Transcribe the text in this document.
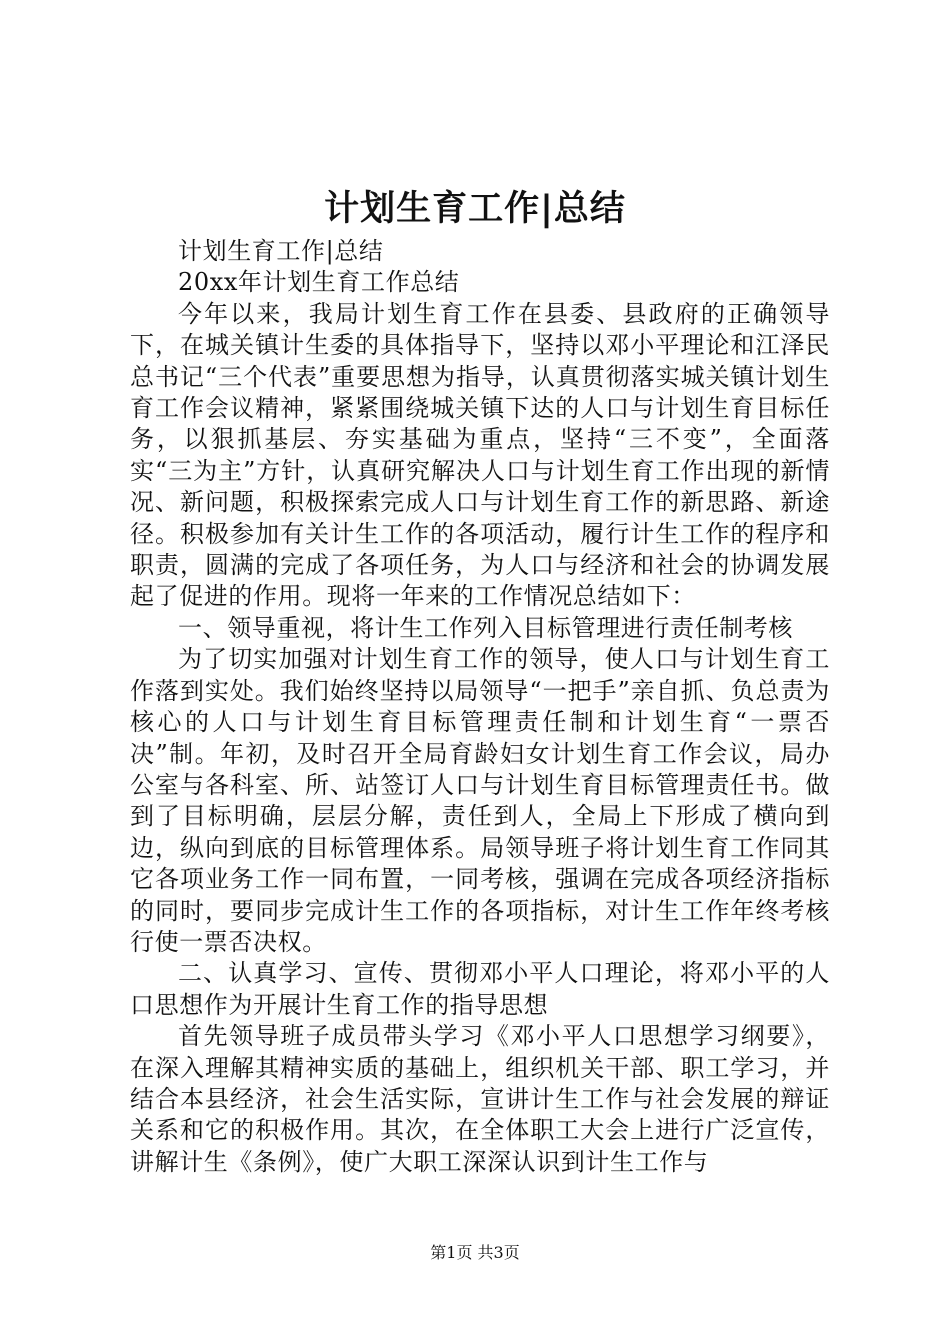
计划生育工作|总结

计划生育工作|总结

20xx年计划生育工作总结

今年以来，我局计划生育工作在县委、县政府的正确领导下，在城关镇计生委的具体指导下，坚持以邓小平理论和江泽民总书记“三个代表”重要思想为指导，认真贯彻落实城关镇计划生育工作会议精神，紧紧围绕城关镇下达的人口与计划生育目标任务，以狠抓基层、夯实基础为重点，坚持“三不变”，全面落实“三为主”方针，认真研究解决人口与计划生育工作出现的新情况、新问题，积极探索完成人口与计划生育工作的新思路、新途径。积极参加有关计生工作的各项活动，履行计生工作的程序和职责，圆满的完成了各项任务，为人口与经济和社会的协调发展起了促进的作用。现将一年来的工作情况总结如下：

一、领导重视，将计生工作列入目标管理进行责任制考核

为了切实加强对计划生育工作的领导，使人口与计划生育工作落到实处。我们始终坚持以局领导“一把手”亲自抓、负总责为核心的人口与计划生育目标管理责任制和计划生育“一票否决”制。年初，及时召开全局育龄妇女计划生育工作会议，局办公室与各科室、所、站签订人口与计划生育目标管理责任书。做到了目标明确，层层分解，责任到人，全局上下形成了横向到边，纵向到底的目标管理体系。局领导班子将计划生育工作同其它各项业务工作一同布置，一同考核，强调在完成各项经济指标的同时，要同步完成计生工作的各项指标，对计生工作年终考核行使一票否决权。

二、认真学习、宣传、贯彻邓小平人口理论，将邓小平的人口思想作为开展计生育工作的指导思想

首先领导班子成员带头学习《邓小平人口思想学习纲要》，在深入理解其精神实质的基础上，组织机关干部、职工学习，并结合本县经济，社会生活实际，宣讲计生工作与社会发展的辩证关系和它的积极作用。其次，在全体职工大会上进行广泛宣传，讲解计生《条例》，使广大职工深深认识到计生工作与

第1页 共3页
